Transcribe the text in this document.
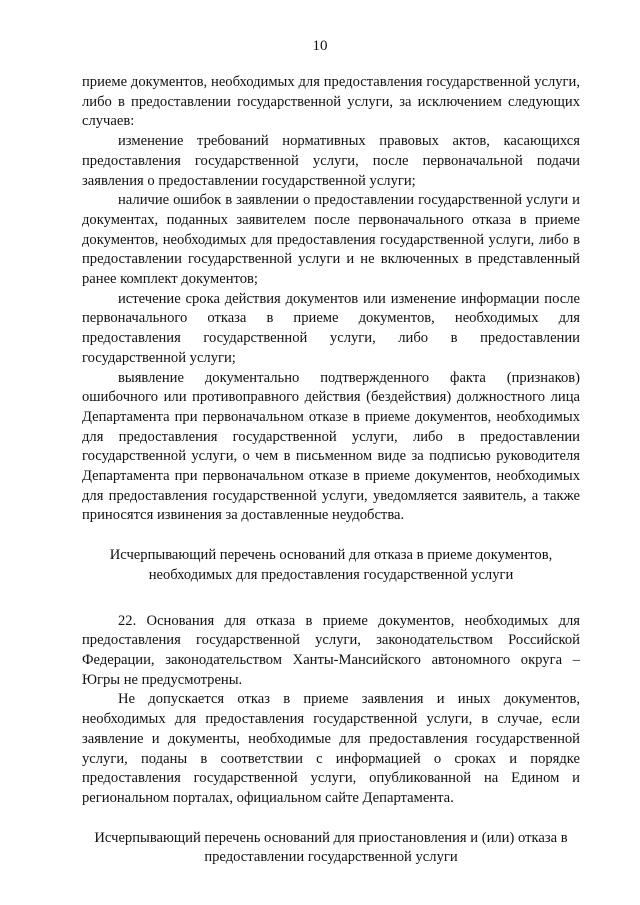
10

приеме документов, необходимых для предоставления государственной услуги, либо в предоставлении государственной услуги, за исключением следующих случаев:

изменение требований нормативных правовых актов, касающихся предоставления государственной услуги, после первоначальной подачи заявления о предоставлении государственной услуги;

наличие ошибок в заявлении о предоставлении государственной услуги и документах, поданных заявителем после первоначального отказа в приеме документов, необходимых для предоставления государственной услуги, либо в предоставлении государственной услуги и не включенных в представленный ранее комплект документов;

истечение срока действия документов или изменение информации после первоначального отказа в приеме документов, необходимых для предоставления государственной услуги, либо в предоставлении государственной услуги;

выявление документально подтвержденного факта (признаков) ошибочного или противоправного действия (бездействия) должностного лица Департамента при первоначальном отказе в приеме документов, необходимых для предоставления государственной услуги, либо в предоставлении государственной услуги, о чем в письменном виде за подписью руководителя Департамента при первоначальном отказе в приеме документов, необходимых для предоставления государственной услуги, уведомляется заявитель, а также приносятся извинения за доставленные неудобства.

Исчерпывающий перечень оснований для отказа в приеме документов, необходимых для предоставления государственной услуги

22. Основания для отказа в приеме документов, необходимых для предоставления государственной услуги, законодательством Российской Федерации, законодательством Ханты-Мансийского автономного округа – Югры не предусмотрены.

Не допускается отказ в приеме заявления и иных документов, необходимых для предоставления государственной услуги, в случае, если заявление и документы, необходимые для предоставления государственной услуги, поданы в соответствии с информацией о сроках и порядке предоставления государственной услуги, опубликованной на Едином и региональном порталах, официальном сайте Департамента.

Исчерпывающий перечень оснований для приостановления и (или) отказа в предоставлении государственной услуги
